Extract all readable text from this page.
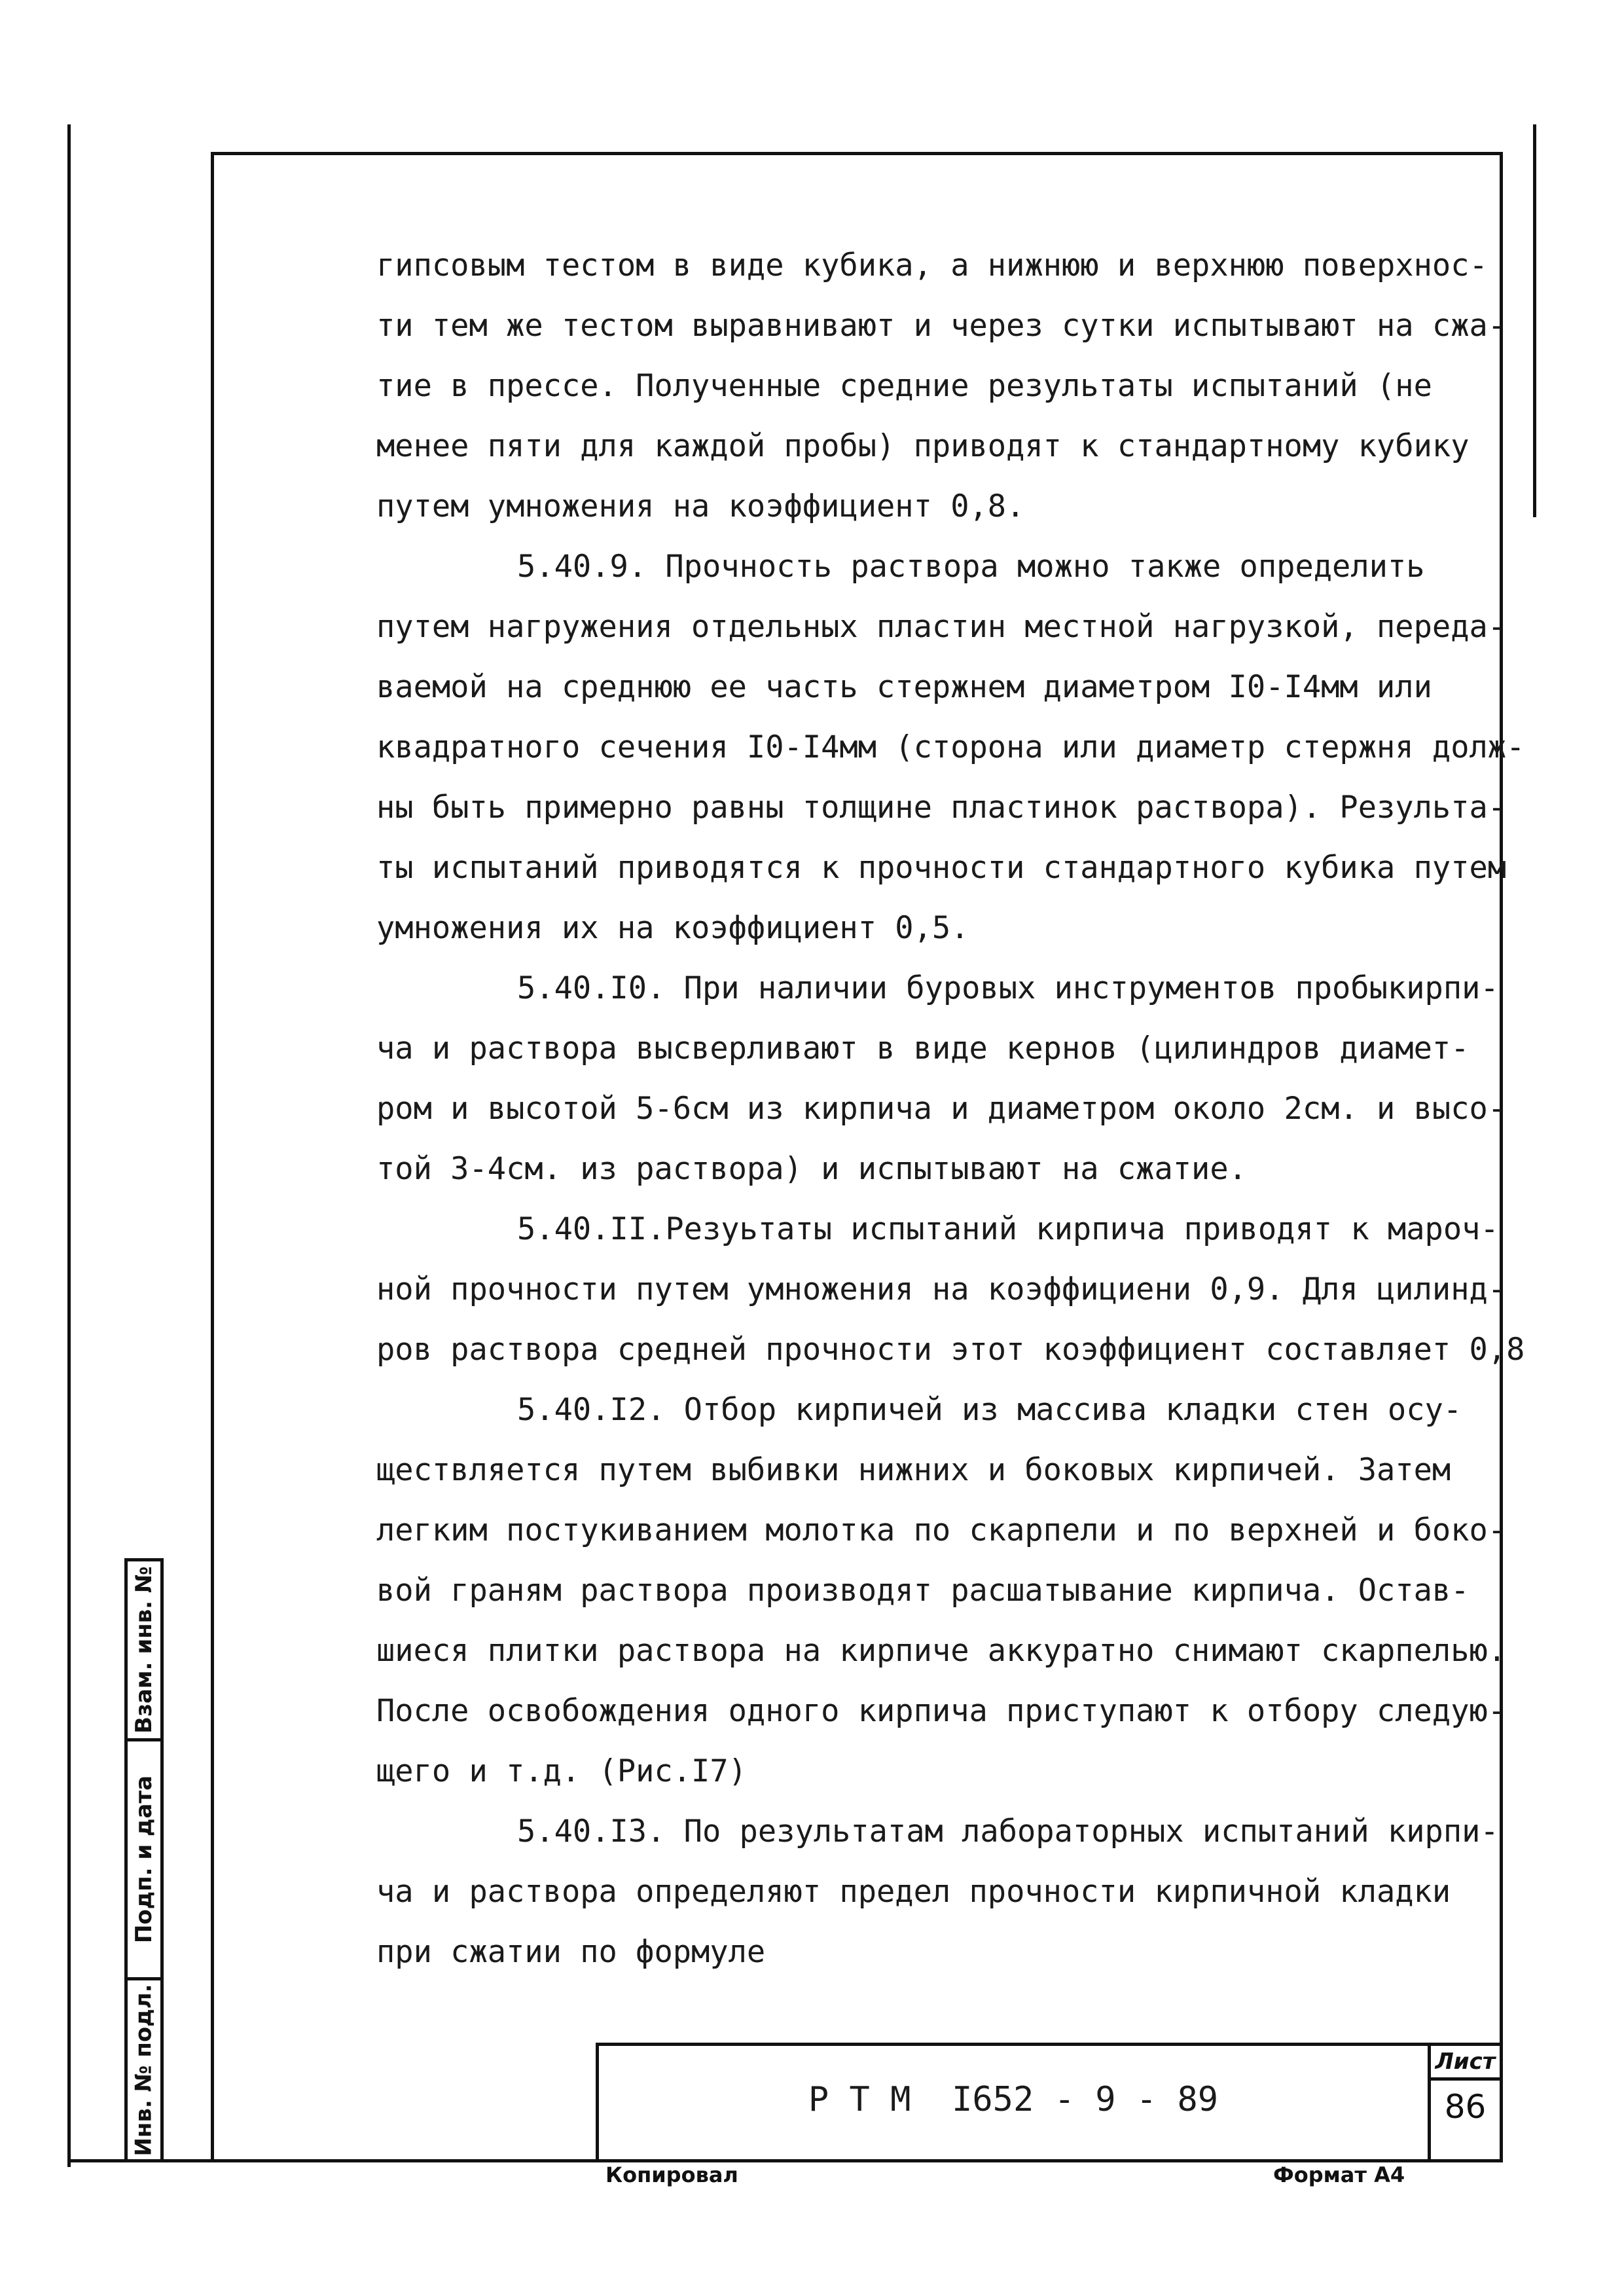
гипсовым тестом в виде кубика, а нижнюю и верхнюю поверхнос-
ти тем же тестом выравнивают и через сутки испытывают на сжа-
тие в прессе. Полученные средние результаты испытаний (не
менее пяти для каждой пробы) приводят к стандартному кубику
путем умножения на коэффициент 0,8.
5.40.9. Прочность раствора можно также определить
путем нагружения отдельных пластин местной нагрузкой, переда-
ваемой на среднюю ее часть стержнем диаметром I0-I4мм или
квадратного сечения I0-I4мм (сторона или диаметр стержня долж-
ны быть примерно равны толщине пластинок раствора). Результа-
ты испытаний приводятся к прочности стандартного кубика путем
умножения их на коэффициент 0,5.
5.40.I0. При наличии буровых инструментов пробыкирпи-
ча и раствора высверливают в виде кернов (цилиндров диамет-
ром и высотой 5-6см из кирпича и диаметром около 2см. и высо-
той 3-4см. из раствора) и испытывают на сжатие.
5.40.II.Резуьтаты испытаний кирпича приводят к мароч-
ной прочности путем умножения на коэффициени 0,9. Для цилинд-
ров раствора средней прочности этот коэффициент составляет 0,8
5.40.I2. Отбор кирпичей из массива кладки стен осу-
ществляется путем выбивки нижних и боковых кирпичей. Затем
легким постукиванием молотка по скарпели и по верхней и боко-
вой граням раствора производят расшатывание кирпича. Остав-
шиеся плитки раствора на кирпиче аккуратно снимают скарпелью.
После освобождения одного кирпича приступают к отбору следую-
щего и т.д. (Рис.I7)
5.40.I3. По результатам лабораторных испытаний кирпи-
ча и раствора определяют предел прочности кирпичной кладки
при сжатии по формуле
Взам. инв. №
Подп. и дата
Инв. № подл.	Р Т М  I652 - 9 - 89
Лист
86
Копировал	Формат А4
